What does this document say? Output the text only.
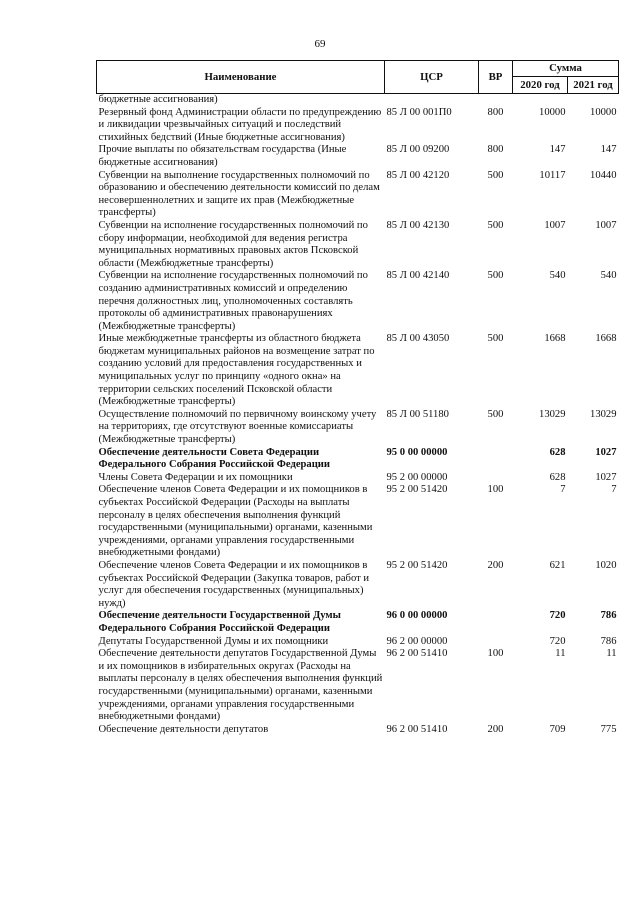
69
Наименование	ЦСР	ВР	Сумма	
			2020 год	2021 год
бюджетные ассигнования)				
Резервный фонд Администрации области по предупреждению и ликвидации чрезвычайных ситуаций и последствий стихийных бедствий (Иные бюджетные ассигнования)	85 Л 00 001П0	800	10000	10000
Прочие выплаты по обязательствам государства (Иные бюджетные ассигнования)	85 Л 00 09200	800	147	147
Субвенции на выполнение государственных полномочий по образованию и обеспечению деятельности комиссий по делам несовершеннолетних и защите их прав (Межбюджетные трансферты)	85 Л 00 42120	500	10117	10440
Субвенции на исполнение государственных полномочий по сбору информации, необходимой для ведения регистра муниципальных нормативных правовых актов Псковской области (Межбюджетные трансферты)	85 Л 00 42130	500	1007	1007
Субвенции на исполнение государственных полномочий по созданию административных комиссий и определению перечня должностных лиц, уполномоченных составлять протоколы об административных правонарушениях (Межбюджетные трансферты)	85 Л 00 42140	500	540	540
Иные межбюджетные трансферты из областного бюджета бюджетам муниципальных районов на возмещение затрат по созданию условий для предоставления государственных и муниципальных услуг по принципу «одного окна» на территории сельских поселений Псковской области (Межбюджетные трансферты)	85 Л 00 43050	500	1668	1668
Осуществление полномочий по первичному воинскому учету на территориях, где отсутствуют военные комиссариаты (Межбюджетные трансферты)	85 Л 00 51180	500	13029	13029
Обеспечение деятельности Совета Федерации Федерального Собрания Российской Федерации	95 0 00 00000		628	1027
Члены Совета Федерации и их помощники	95 2 00 00000		628	1027
Обеспечение членов Совета Федерации и их помощников в субъектах Российской Федерации (Расходы на выплаты персоналу в целях обеспечения выполнения функций государственными (муниципальными) органами, казенными учреждениями, органами управления государственными внебюджетными фондами)	95 2 00 51420	100	7	7
Обеспечение членов Совета Федерации и их помощников в субъектах Российской Федерации (Закупка товаров, работ и услуг для обеспечения государственных (муниципальных) нужд)	95 2 00 51420	200	621	1020
Обеспечение деятельности Государственной Думы Федерального Собрания Российской Федерации	96 0 00 00000		720	786
Депутаты Государственной Думы и их помощники	96 2 00 00000		720	786
Обеспечение деятельности депутатов Государственной Думы и их помощников в избирательных округах (Расходы на выплаты персоналу в целях обеспечения выполнения функций государственными (муниципальными) органами, казенными учреждениями, органами управления государственными внебюджетными фондами)	96 2 00 51410	100	11	11
Обеспечение деятельности депутатов	96 2 00 51410	200	709	775
